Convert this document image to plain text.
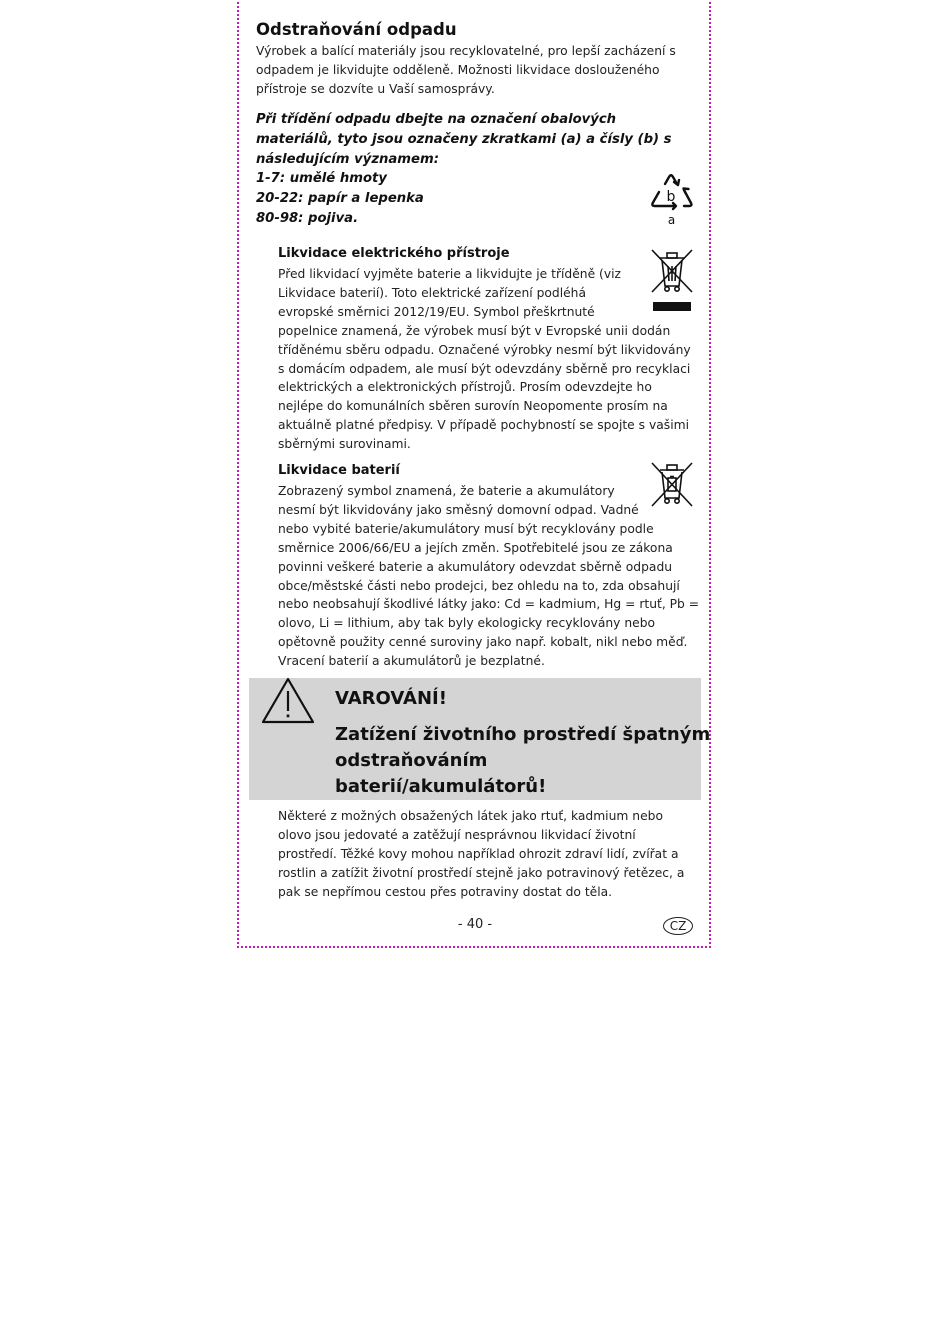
Odstraňování odpadu
Výrobek a balící materiály jsou recyklovatelné, pro lepší zacházení s
odpadem je likvidujte odděleně. Možnosti likvidace doslouženého
přístroje se dozvíte u Vaší samosprávy.
Při třídění odpadu dbejte na označení obalových
materiálů, tyto jsou označeny zkratkami (a) a čísly (b) s
následujícím významem:
1-7: umělé hmoty
20-22: papír a lepenka
80-98: pojiva.
b
a
Likvidace elektrického přístroje
Před likvidací vyjměte baterie a likvidujte je tříděně (viz
Likvidace baterií). Toto elektrické zařízení podléhá
evropské směrnici 2012/19/EU. Symbol přeškrtnuté
popelnice znamená, že výrobek musí být v Evropské unii dodán
tříděnému sběru odpadu. Označené výrobky nesmí být likvidovány
s domácím odpadem, ale musí být odevzdány sběrně pro recyklaci
elektrických a elektronických přístrojů. Prosím odevzdejte ho
nejlépe do komunálních sběren surovín Neopomente prosím na
aktuálně platné předpisy. V případě pochybností se spojte s vašimi
sběrnými surovinami.
Likvidace baterií
Zobrazený symbol znamená, že baterie a akumulátory
nesmí být likvidovány jako směsný domovní odpad. Vadné
nebo vybité baterie/akumulátory musí být recyklovány podle
směrnice 2006/66/EU a jejích změn. Spotřebitelé jsou ze zákona
povinni veškeré baterie a akumulátory odevzdat sběrně odpadu
obce/městské části nebo prodejci, bez ohledu na to, zda obsahují
nebo neobsahují škodlivé látky jako: Cd = kadmium, Hg = rtuť, Pb =
olovo, Li = lithium, aby tak byly ekologicky recyklovány nebo
opětovně použity cenné suroviny jako např. kobalt, nikl nebo měď.
Vracení baterií a akumulátorů je bezplatné.
VAROVÁNÍ!
Zatížení životního prostředí špatným
odstraňováním
baterií/akumulátorů!
Některé z možných obsažených látek jako rtuť, kadmium nebo
olovo jsou jedovaté a zatěžují nesprávnou likvidací životní
prostředí. Těžké kovy mohou například ohrozit zdraví lidí, zvířat a
rostlin a zatížit životní prostředí stejně jako potravinový řetězec, a
pak se nepřímou cestou přes potraviny dostat do těla.
- 40 -	CZ
